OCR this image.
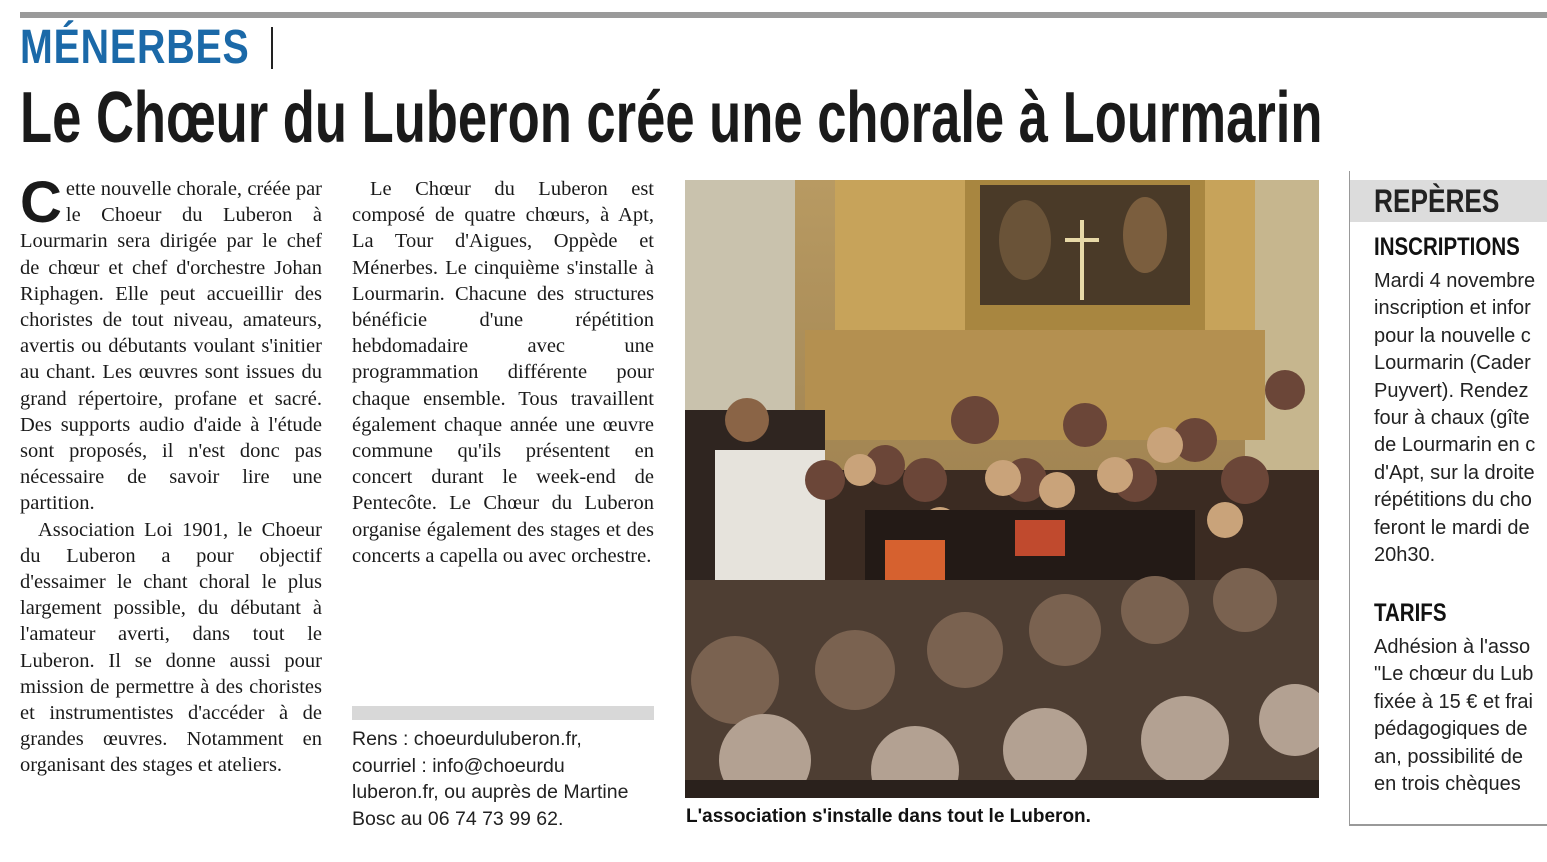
MÉNERBES
Le Chœur du Luberon crée une chorale à Lourmarin

Cette nouvelle chorale, créée par le Choeur du Luberon à Lourmarin sera dirigée par le chef de chœur et chef d'orchestre Johan Riphagen. Elle peut accueillir des choristes de tout niveau, amateurs, avertis ou débutants voulant s'initier au chant. Les œuvres sont issues du grand répertoire, profane et sacré. Des supports audio d'aide à l'étude sont proposés, il n'est donc pas nécessaire de savoir lire une partition.

Association Loi 1901, le Choeur du Luberon a pour objectif d'essaimer le chant choral le plus largement possible, du débutant à l'amateur averti, dans tout le Luberon. Il se donne aussi pour mission de permettre à des choristes et instrumentistes d'accéder à de grandes œuvres. Notamment en organisant des stages et ateliers.

Le Chœur du Luberon est composé de quatre chœurs, à Apt, La Tour d'Aigues, Oppède et Ménerbes. Le cinquième s'installe à Lourmarin. Chacune des structures bénéficie d'une répétition hebdomadaire avec une programmation différente pour chaque ensemble. Tous travaillent également chaque année une œuvre commune qu'ils présentent en concert durant le week-end de Pentecôte. Le Chœur du Luberon organise également des stages et des concerts a capella ou avec orchestre.

Rens : choeurduluberon.fr,
courriel : info@choeurdu
luberon.fr, ou auprès de Martine
Bosc au 06 74 73 99 62.	L'association s'installe dans tout le Luberon.
REPÈRES
INSCRIPTIONS
Mardi 4 novembre
inscription et infor
pour la nouvelle c
Lourmarin (Cader
Puyvert). Rendez
four à chaux (gîte
de Lourmarin en c
d'Apt, sur la droite
répétitions du cho
feront le mardi de
20h30.
TARIFS
Adhésion à l'asso
"Le chœur du Lub
fixée à 15 € et frai
pédagogiques de
an, possibilité de
en trois chèques
